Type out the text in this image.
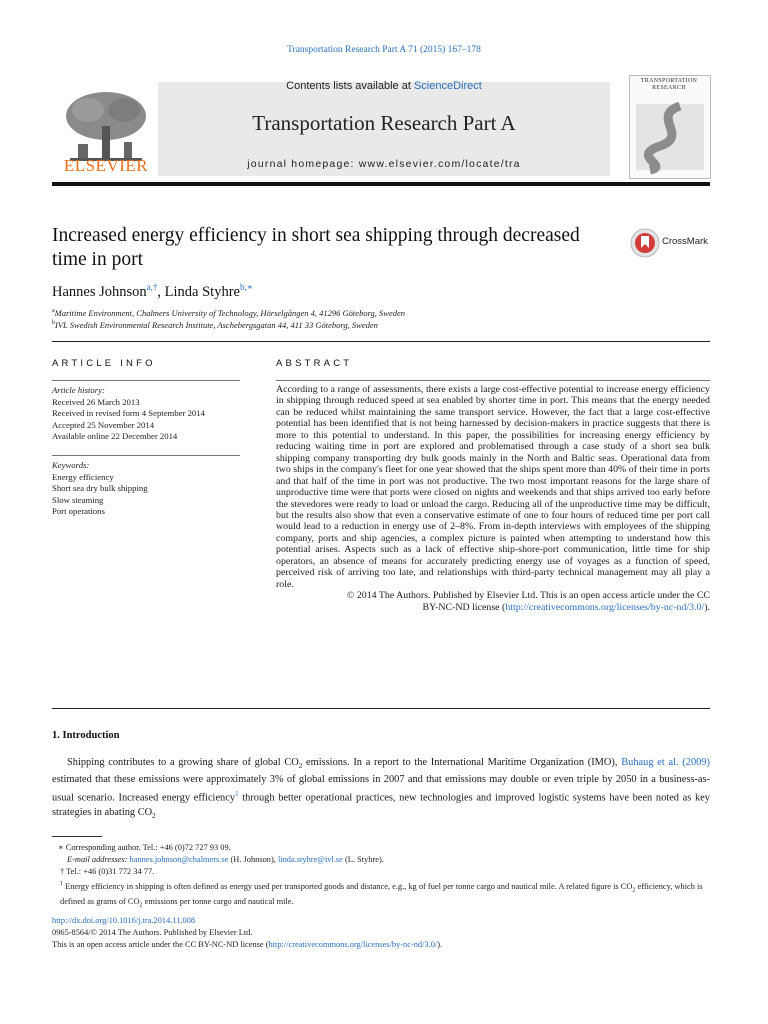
Transportation Research Part A 71 (2015) 167–178
ELSEVIER
Contents lists available at ScienceDirect
Transportation Research Part A
journal homepage: www.elsevier.com/locate/tra
TRANSPORTATION RESEARCH
Increased energy efficiency in short sea shipping through decreased time in port
CrossMark
Hannes Johnson$^{a,\dagger}$, Linda Styhre$^{b,∗}$
$^a$Maritime Environment, Chalmers University of Technology, Hörselgången 4, 41296 Göteborg, Sweden
$^b$IVL Swedish Environmental Research Institute, Aschebergsgatan 44, 411 33 Göteborg, Sweden
ARTICLE INFO
Article history:
Received 26 March 2013
Received in revised form 4 September 2014
Accepted 25 November 2014
Available online 22 December 2014
Keywords:
Energy efficiency
Short sea dry bulk shipping
Slow steaming
Port operations
ABSTRACT
According to a range of assessments, there exists a large cost-effective potential to increase energy efficiency in shipping through reduced speed at sea enabled by shorter time in port. This means that the energy needed can be reduced whilst maintaining the same transport service. However, the fact that a large cost-effective potential has been identified that is not being harnessed by decision-makers in practice suggests that there is more to this potential to understand. In this paper, the possibilities for increasing energy efficiency by reducing waiting time in port are explored and problematised through a case study of a short sea bulk shipping company transporting dry bulk goods mainly in the North and Baltic seas. Operational data from two ships in the company's fleet for one year showed that the ships spent more than 40% of their time in ports and that half of the time in port was not productive. The two most important reasons for the large share of unproductive time were that ports were closed on nights and weekends and that ships arrived too early before the stevedores were ready to load or unload the cargo. Reducing all of the unproductive time may be difficult, but the results also show that even a conservative estimate of one to four hours of reduced time per port call would lead to a reduction in energy use of 2–8%. From in-depth interviews with employees of the shipping company, ports and ship agencies, a complex picture is painted when attempting to understand how this potential arises. Aspects such as a lack of effective ship-shore-port communication, little time for ship operators, an absence of means for accurately predicting energy use of voyages as a function of speed, perceived risk of arriving too late, and relationships with third-party technical management may all play a role.
© 2014 The Authors. Published by Elsevier Ltd. This is an open access article under the CC
BY-NC-ND license (http://creativecommons.org/licenses/by-nc-nd/3.0/).
1. Introduction
Shipping contributes to a growing share of global $CO_2$ emissions. In a report to the International Maritime Organization (IMO), Buhaug et al. (2009) estimated that these emissions were approximately 3% of global emissions in 2007 and that emissions may double or even triple by 2050 in a business-as-usual scenario. Increased energy efficiency$^1$ through better operational practices, new technologies and improved logistic systems have been noted as key strategies in abating $CO_2$
∗ Corresponding author. Tel.: +46 (0)72 727 93 09.
E-mail addresses: hannes.johnson@chalmers.se (H. Johnson), linda.styhre@ivl.se (L. Styhre).
† Tel.: +46 (0)31 772 34 77.
$^1$ Energy efficiency in shipping is often defined as energy used per transported goods and distance, e.g., kg of fuel per tonne cargo and nautical mile. A related figure is $CO_2$ efficiency, which is defined as grams of $CO_2$ emissions per tonne cargo and nautical mile.
http://dx.doi.org/10.1016/j.tra.2014.11.008
0965-8564/© 2014 The Authors. Published by Elsevier Ltd.
This is an open access article under the CC BY-NC-ND license (http://creativecommons.org/licenses/by-nc-nd/3.0/).
